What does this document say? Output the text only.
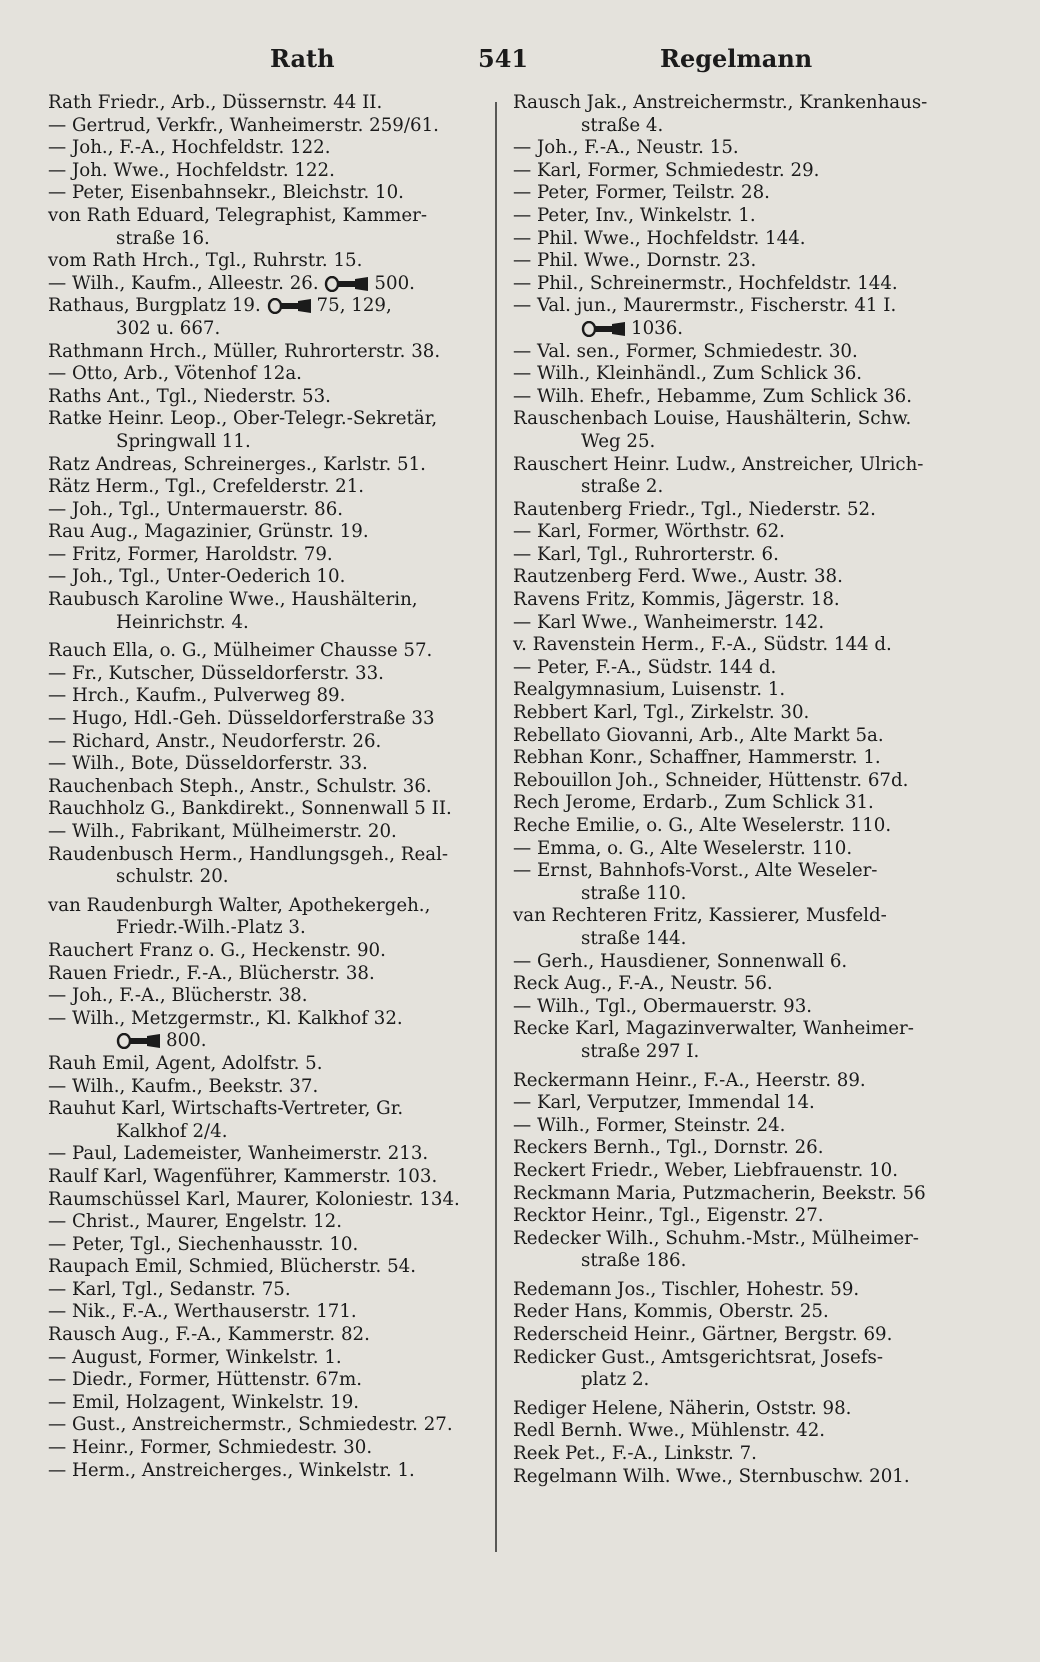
Rath	541	Regelmann
Rath Friedr., Arb., Düssernstr. 44 II.
— Gertrud, Verkfr., Wanheimerstr. 259/61.
— Joh., F.-A., Hochfeldstr. 122.
— Joh. Wwe., Hochfeldstr. 122.
— Peter, Eisenbahnsekr., Bleichstr. 10.
von Rath Eduard, Telegraphist, Kammer-
straße 16.
vom Rath Hrch., Tgl., Ruhrstr. 15.
— Wilh., Kaufm., Alleestr. 26.	500.
Rathaus, Burgplatz 19.	75, 129,
302 u. 667.
Rathmann Hrch., Müller, Ruhrorterstr. 38.
— Otto, Arb., Vötenhof 12a.
Raths Ant., Tgl., Niederstr. 53.
Ratke Heinr. Leop., Ober-Telegr.-Sekretär,
Springwall 11.
Ratz Andreas, Schreinerges., Karlstr. 51.
Rätz Herm., Tgl., Crefelderstr. 21.
— Joh., Tgl., Untermauerstr. 86.
Rau Aug., Magazinier, Grünstr. 19.
— Fritz, Former, Haroldstr. 79.
— Joh., Tgl., Unter-Oederich 10.
Raubusch Karoline Wwe., Haushälterin,
Heinrichstr. 4.
Rauch Ella, o. G., Mülheimer Chausse 57.
— Fr., Kutscher, Düsseldorferstr. 33.
— Hrch., Kaufm., Pulverweg 89.
— Hugo, Hdl.-Geh. Düsseldorferstraße 33
— Richard, Anstr., Neudorferstr. 26.
— Wilh., Bote, Düsseldorferstr. 33.
Rauchenbach Steph., Anstr., Schulstr. 36.
Rauchholz G., Bankdirekt., Sonnenwall 5 II.
— Wilh., Fabrikant, Mülheimerstr. 20.
Raudenbusch Herm., Handlungsgeh., Real-
schulstr. 20.
van Raudenburgh Walter, Apothekergeh.,
Friedr.-Wilh.-Platz 3.
Rauchert Franz o. G., Heckenstr. 90.
Rauen Friedr., F.-A., Blücherstr. 38.
— Joh., F.-A., Blücherstr. 38.
— Wilh., Metzgermstr., Kl. Kalkhof 32.
800.
Rauh Emil, Agent, Adolfstr. 5.
— Wilh., Kaufm., Beekstr. 37.
Rauhut Karl, Wirtschafts-Vertreter, Gr.
Kalkhof 2/4.
— Paul, Lademeister, Wanheimerstr. 213.
Raulf Karl, Wagenführer, Kammerstr. 103.
Raumschüssel Karl, Maurer, Koloniestr. 134.
— Christ., Maurer, Engelstr. 12.
— Peter, Tgl., Siechenhausstr. 10.
Raupach Emil, Schmied, Blücherstr. 54.
— Karl, Tgl., Sedanstr. 75.
— Nik., F.-A., Werthauserstr. 171.
Rausch Aug., F.-A., Kammerstr. 82.
— August, Former, Winkelstr. 1.
— Diedr., Former, Hüttenstr. 67m.
— Emil, Holzagent, Winkelstr. 19.
— Gust., Anstreichermstr., Schmiedestr. 27.
— Heinr., Former, Schmiedestr. 30.
— Herm., Anstreicherges., Winkelstr. 1.
Rausch Jak., Anstreichermstr., Krankenhaus-
straße 4.
— Joh., F.-A., Neustr. 15.
— Karl, Former, Schmiedestr. 29.
— Peter, Former, Teilstr. 28.
— Peter, Inv., Winkelstr. 1.
— Phil. Wwe., Hochfeldstr. 144.
— Phil. Wwe., Dornstr. 23.
— Phil., Schreinermstr., Hochfeldstr. 144.
— Val. jun., Maurermstr., Fischerstr. 41 I.
1036.
— Val. sen., Former, Schmiedestr. 30.
— Wilh., Kleinhändl., Zum Schlick 36.
— Wilh. Ehefr., Hebamme, Zum Schlick 36.
Rauschenbach Louise, Haushälterin, Schw.
Weg 25.
Rauschert Heinr. Ludw., Anstreicher, Ulrich-
straße 2.
Rautenberg Friedr., Tgl., Niederstr. 52.
— Karl, Former, Wörthstr. 62.
— Karl, Tgl., Ruhrorterstr. 6.
Rautzenberg Ferd. Wwe., Austr. 38.
Ravens Fritz, Kommis, Jägerstr. 18.
— Karl Wwe., Wanheimerstr. 142.
v. Ravenstein Herm., F.-A., Südstr. 144 d.
— Peter, F.-A., Südstr. 144 d.
Realgymnasium, Luisenstr. 1.
Rebbert Karl, Tgl., Zirkelstr. 30.
Rebellato Giovanni, Arb., Alte Markt 5a.
Rebhan Konr., Schaffner, Hammerstr. 1.
Rebouillon Joh., Schneider, Hüttenstr. 67d.
Rech Jerome, Erdarb., Zum Schlick 31.
Reche Emilie, o. G., Alte Weselerstr. 110.
— Emma, o. G., Alte Weselerstr. 110.
— Ernst, Bahnhofs-Vorst., Alte Weseler-
straße 110.
van Rechteren Fritz, Kassierer, Musfeld-
straße 144.
— Gerh., Hausdiener, Sonnenwall 6.
Reck Aug., F.-A., Neustr. 56.
— Wilh., Tgl., Obermauerstr. 93.
Recke Karl, Magazinverwalter, Wanheimer-
straße 297 I.
Reckermann Heinr., F.-A., Heerstr. 89.
— Karl, Verputzer, Immendal 14.
— Wilh., Former, Steinstr. 24.
Reckers Bernh., Tgl., Dornstr. 26.
Reckert Friedr., Weber, Liebfrauenstr. 10.
Reckmann Maria, Putzmacherin, Beekstr. 56
Recktor Heinr., Tgl., Eigenstr. 27.
Redecker Wilh., Schuhm.-Mstr., Mülheimer-
straße 186.
Redemann Jos., Tischler, Hohestr. 59.
Reder Hans, Kommis, Oberstr. 25.
Rederscheid Heinr., Gärtner, Bergstr. 69.
Redicker Gust., Amtsgerichtsrat, Josefs-
platz 2.
Rediger Helene, Näherin, Oststr. 98.
Redl Bernh. Wwe., Mühlenstr. 42.
Reek Pet., F.-A., Linkstr. 7.
Regelmann Wilh. Wwe., Sternbuschw. 201.
